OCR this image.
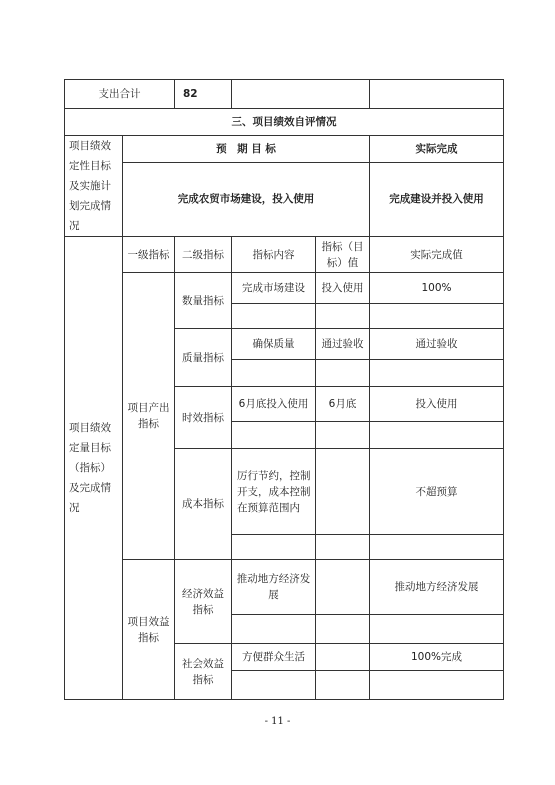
支出合计		82			
三、项目绩效自评情况					
项目绩效定性目标及实施计划完成情况	预　期 目 标				实际完成
	完成农贸市场建设，投入使用				完成建设并投入使用
项目绩效定量目标（指标）及完成情况	一级指标	二级指标	指标内容	指标（目标）值	实际完成值
	项目产出指标	数量指标	完成市场建设	投入使用	100%

		质量指标	确保质量	通过验收	通过验收

		时效指标	6月底投入使用	6月底	投入使用

		成本指标	厉行节约，控制开支，成本控制在预算范围内		不超预算

	项目效益指标	经济效益指标	推动地方经济发展		推动地方经济发展

		社会效益指标	方便群众生活		100%完成

- 11 -
